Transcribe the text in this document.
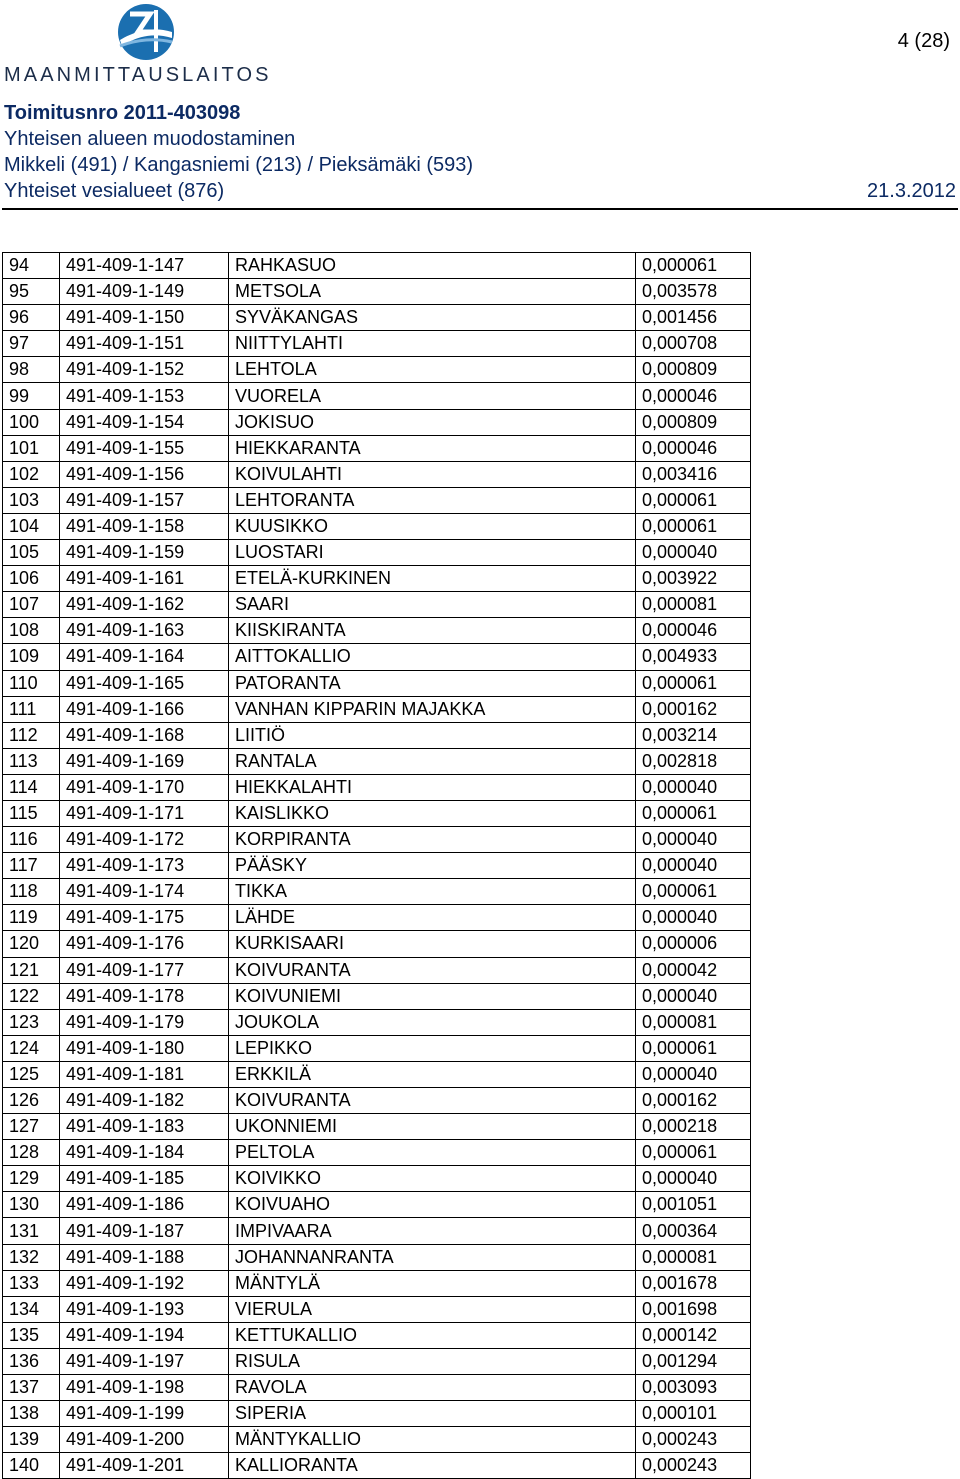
MAANMITTAUSLAITOS
4 (28)
Toimitusnro 2011-403098
Yhteisen alueen muodostaminen
Mikkeli (491) / Kangasniemi (213) / Pieksämäki (593)
Yhteiset vesialueet (876)	21.3.2012
94	491-409-1-147	RAHKASUO	0,000061
95	491-409-1-149	METSOLA	0,003578
96	491-409-1-150	SYVÄKANGAS	0,001456
97	491-409-1-151	NIITTYLAHTI	0,000708
98	491-409-1-152	LEHTOLA	0,000809
99	491-409-1-153	VUORELA	0,000046
100	491-409-1-154	JOKISUO	0,000809
101	491-409-1-155	HIEKKARANTA	0,000046
102	491-409-1-156	KOIVULAHTI	0,003416
103	491-409-1-157	LEHTORANTA	0,000061
104	491-409-1-158	KUUSIKKO	0,000061
105	491-409-1-159	LUOSTARI	0,000040
106	491-409-1-161	ETELÄ-KURKINEN	0,003922
107	491-409-1-162	SAARI	0,000081
108	491-409-1-163	KIISKIRANTA	0,000046
109	491-409-1-164	AITTOKALLIO	0,004933
110	491-409-1-165	PATORANTA	0,000061
111	491-409-1-166	VANHAN KIPPARIN MAJAKKA	0,000162
112	491-409-1-168	LIITIÖ	0,003214
113	491-409-1-169	RANTALA	0,002818
114	491-409-1-170	HIEKKALAHTI	0,000040
115	491-409-1-171	KAISLIKKO	0,000061
116	491-409-1-172	KORPIRANTA	0,000040
117	491-409-1-173	PÄÄSKY	0,000040
118	491-409-1-174	TIKKA	0,000061
119	491-409-1-175	LÄHDE	0,000040
120	491-409-1-176	KURKISAARI	0,000006
121	491-409-1-177	KOIVURANTA	0,000042
122	491-409-1-178	KOIVUNIEMI	0,000040
123	491-409-1-179	JOUKOLA	0,000081
124	491-409-1-180	LEPIKKO	0,000061
125	491-409-1-181	ERKKILÄ	0,000040
126	491-409-1-182	KOIVURANTA	0,000162
127	491-409-1-183	UKONNIEMI	0,000218
128	491-409-1-184	PELTOLA	0,000061
129	491-409-1-185	KOIVIKKO	0,000040
130	491-409-1-186	KOIVUAHO	0,001051
131	491-409-1-187	IMPIVAARA	0,000364
132	491-409-1-188	JOHANNANRANTA	0,000081
133	491-409-1-192	MÄNTYLÄ	0,001678
134	491-409-1-193	VIERULA	0,001698
135	491-409-1-194	KETTUKALLIO	0,000142
136	491-409-1-197	RISULA	0,001294
137	491-409-1-198	RAVOLA	0,003093
138	491-409-1-199	SIPERIA	0,000101
139	491-409-1-200	MÄNTYKALLIO	0,000243
140	491-409-1-201	KALLIORANTA	0,000243
